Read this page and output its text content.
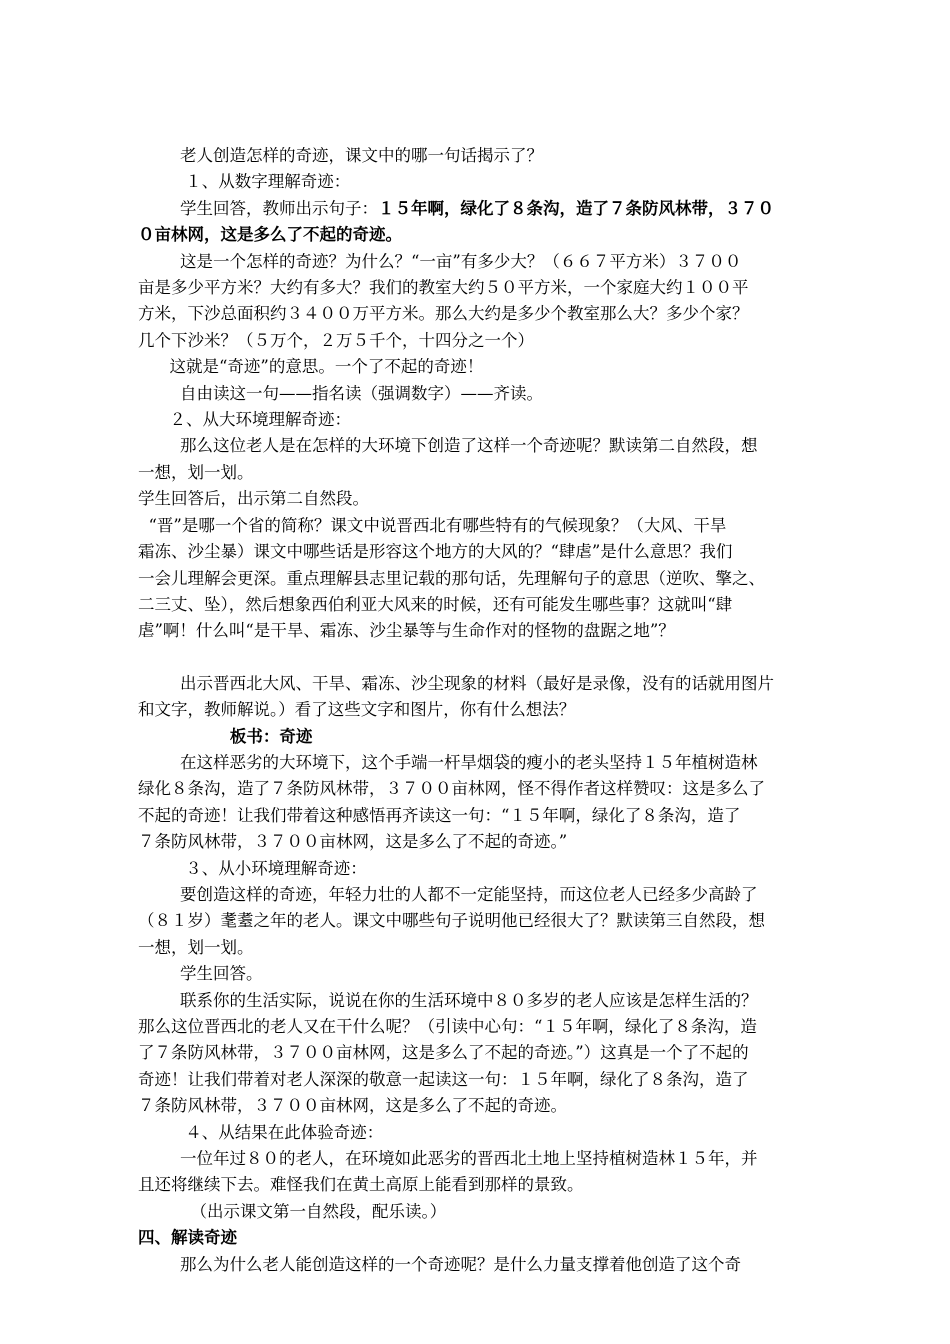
老人创造怎样的奇迹，课文中的哪一句话揭示了？

１、从数字理解奇迹：

学生回答，教师出示句子：１５年啊，绿化了８条沟，造了７条防风林带，３７０

０亩林网，这是多么了不起的奇迹。

这是一个怎样的奇迹？为什么？“一亩”有多少大？（６６７平方米）３７００

亩是多少平方米？大约有多大？我们的教室大约５０平方米，一个家庭大约１００平

方米，下沙总面积约３４００万平方米。那么大约是多少个教室那么大？多少个家？

几个下沙米？（５万个，２万５千个，十四分之一个）

这就是“奇迹”的意思。一个了不起的奇迹！

自由读这一句——指名读（强调数字）——齐读。

２、从大环境理解奇迹：

那么这位老人是在怎样的大环境下创造了这样一个奇迹呢？默读第二自然段，想

一想，划一划。

学生回答后，出示第二自然段。

“晋”是哪一个省的简称？课文中说晋西北有哪些特有的气候现象？（大风、干旱

霜冻、沙尘暴）课文中哪些话是形容这个地方的大风的？“肆虐”是什么意思？我们

一会儿理解会更深。重点理解县志里记载的那句话，先理解句子的意思（逆吹、擎之、

二三丈、坠），然后想象西伯利亚大风来的时候，还有可能发生哪些事？这就叫“肆

虐”啊！什么叫“是干旱、霜冻、沙尘暴等与生命作对的怪物的盘踞之地”？

出示晋西北大风、干旱、霜冻、沙尘现象的材料（最好是录像，没有的话就用图片

和文字，教师解说。）看了这些文字和图片，你有什么想法？

板书：奇迹

在这样恶劣的大环境下，这个手端一杆旱烟袋的瘦小的老头坚持１５年植树造林

绿化８条沟，造了７条防风林带，３７００亩林网，怪不得作者这样赞叹：这是多么了

不起的奇迹！让我们带着这种感悟再齐读这一句：“１５年啊，绿化了８条沟，造了

７条防风林带，３７００亩林网，这是多么了不起的奇迹。”

３、从小环境理解奇迹：

要创造这样的奇迹，年轻力壮的人都不一定能坚持，而这位老人已经多少高龄了

（８１岁）耄耋之年的老人。课文中哪些句子说明他已经很大了？默读第三自然段，想

一想，划一划。

学生回答。

联系你的生活实际，说说在你的生活环境中８０多岁的老人应该是怎样生活的？

那么这位晋西北的老人又在干什么呢？（引读中心句：“１５年啊，绿化了８条沟，造

了７条防风林带，３７００亩林网，这是多么了不起的奇迹。”）这真是一个了不起的

奇迹！让我们带着对老人深深的敬意一起读这一句：１５年啊，绿化了８条沟，造了

７条防风林带，３７００亩林网，这是多么了不起的奇迹。

４、从结果在此体验奇迹：

一位年过８０的老人，在环境如此恶劣的晋西北土地上坚持植树造林１５年，并

且还将继续下去。难怪我们在黄土高原上能看到那样的景致。

（出示课文第一自然段，配乐读。）

四、解读奇迹

那么为什么老人能创造这样的一个奇迹呢？是什么力量支撑着他创造了这个奇
